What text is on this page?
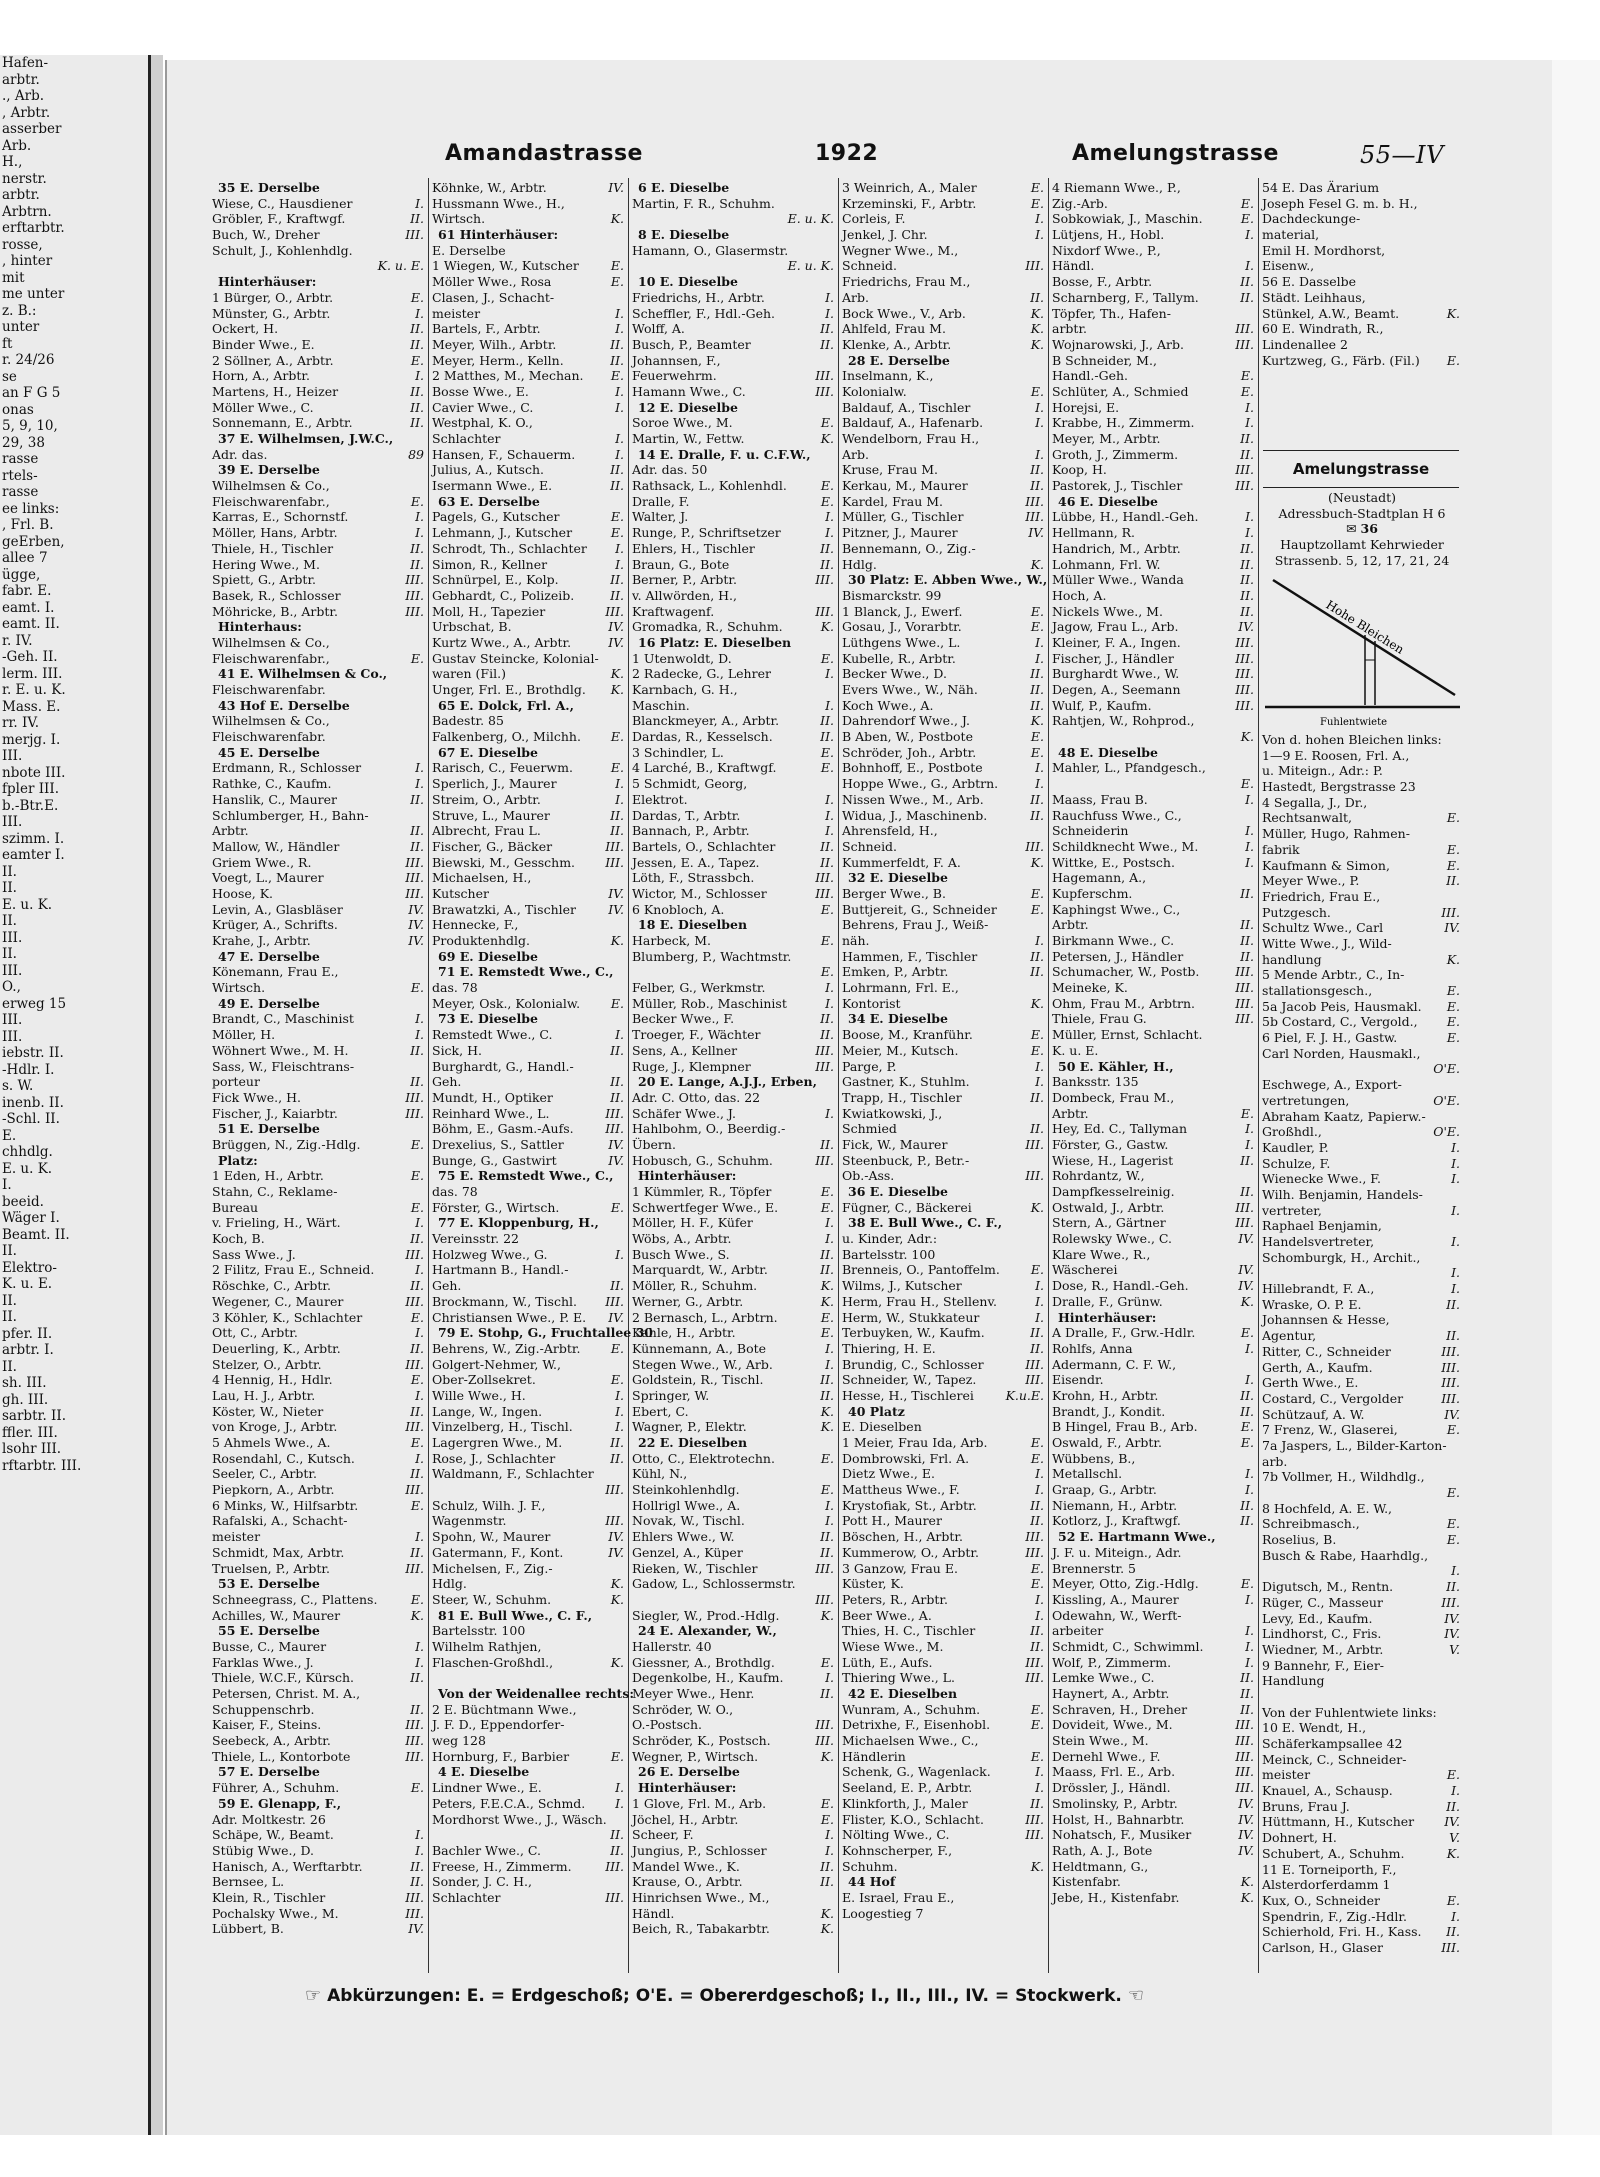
Hafen-
arbtr.
., Arb.
, Arbtr.
asserber
Arb.
H.,
nerstr.
arbtr.
Arbtrn.
erftarbtr.
rosse,
, hinter
mit
me unter
z. B.:
unter
ft
r. 24/26
se
an F G 5
onas
5, 9, 10,
29, 38
rasse
rtels-
rasse
ee links:
, Frl. B.
geErben,
allee 7
ügge,
fabr. E.
eamt. I.
eamt. II.
r. IV.
-Geh. II.
lerm. III.
r. E. u. K.
Mass. E.
rr. IV.
merjg. I.
III.
nbote III.
fpler III.
b.-Btr.E.
III.
szimm. I.
eamter I.
II.
II.
E. u. K.
II.
III.
II.
III.
O.,
erweg 15
III.
III.
iebstr. II.
-Hdlr. I.
s. W.
inenb. II.
-Schl. II.
E.
chhdlg.
E. u. K.
I.
beeid.
Wäger I.
Beamt. II.
II.
Elektro-
K. u. E.
II.
II.
pfer. II.
arbtr. I.
II.
sh. III.
gh. III.
sarbtr. II.
ffler. III.
lsohr III.
rftarbtr. III.
Amandastrasse	1922	Amelungstrasse	55—IV
35 E. Derselbe
Wiese, C., Hausdiener	I.
Gröbler, F., Kraftwgf.	II.
Buch, W., Dreher	III.
Schult, J., Kohlenhdlg.
K. u. E.
Hinterhäuser:
1 Bürger, O., Arbtr.	E.
Münster, G., Arbtr.	I.
Ockert, H.	II.
Binder Wwe., E.	II.
2 Söllner, A., Arbtr.	E.
Horn, A., Arbtr.	I.
Martens, H., Heizer	II.
Möller Wwe., C.	II.
Sonnemann, E., Arbtr.	II.
37 E. Wilhelmsen, J.W.C.,
Adr. das.	89
39 E. Derselbe
Wilhelmsen & Co.,
Fleischwarenfabr.,	E.
Karras, E., Schornstf.	I.
Möller, Hans, Arbtr.	I.
Thiele, H., Tischler	II.
Hering Wwe., M.	II.
Spiett, G., Arbtr.	III.
Basek, R., Schlosser	III.
Möhricke, B., Arbtr.	III.
Hinterhaus:
Wilhelmsen & Co.,
Fleischwarenfabr.,	E.
41 E. Wilhelmsen & Co.,
Fleischwarenfabr.
43 Hof E. Derselbe
Wilhelmsen & Co.,
Fleischwarenfabr.
45 E. Derselbe
Erdmann, R., Schlosser	I.
Rathke, C., Kaufm.	I.
Hanslik, C., Maurer	II.
Schlumberger, H., Bahn-
Arbtr.	II.
Mallow, W., Händler	II.
Griem Wwe., R.	III.
Voegt, L., Maurer	III.
Hoose, K.	III.
Levin, A., Glasbläser	IV.
Krüger, A., Schrifts.	IV.
Krahe, J., Arbtr.	IV.
47 E. Derselbe
Könemann, Frau E.,
Wirtsch.	E.
49 E. Derselbe
Brandt, C., Maschinist	I.
Möller, H.	I.
Wöhnert Wwe., M. H.	II.
Sass, W., Fleischtrans-
porteur	II.
Fick Wwe., H.	III.
Fischer, J., Kaiarbtr.	III.
51 E. Derselbe
Brüggen, N., Zig.-Hdlg.	E.
Platz:
1 Eden, H., Arbtr.	E.
Stahn, C., Reklame-
Bureau	E.
v. Frieling, H., Wärt.	I.
Koch, B.	II.
Sass Wwe., J.	III.
2 Filitz, Frau E., Schneid.	I.
Röschke, C., Arbtr.	II.
Wegener, C., Maurer	III.
3 Köhler, K., Schlachter	E.
Ott, C., Arbtr.	I.
Deuerling, K., Arbtr.	II.
Stelzer, O., Arbtr.	III.
4 Hennig, H., Hdlr.	E.
Lau, H. J., Arbtr.	I.
Köster, W., Nieter	II.
von Kroge, J., Arbtr.	III.
5 Ahmels Wwe., A.	E.
Rosendahl, C., Kutsch.	I.
Seeler, C., Arbtr.	II.
Piepkorn, A., Arbtr.	III.
6 Minks, W., Hilfsarbtr.	E.
Rafalski, A., Schacht-
meister	I.
Schmidt, Max, Arbtr.	II.
Truelsen, P., Arbtr.	III.
53 E. Derselbe
Schneegrass, C., Plattens.	E.
Achilles, W., Maurer	K.
55 E. Derselbe
Busse, C., Maurer	I.
Farklas Wwe., J.	I.
Thiele, W.C.F., Kürsch.	II.
Petersen, Christ. M. A.,
Schuppenschrb.	II.
Kaiser, F., Steins.	III.
Seebeck, A., Arbtr.	III.
Thiele, L., Kontorbote	III.
57 E. Derselbe
Führer, A., Schuhm.	E.
59 E. Glenapp, F.,
Adr. Moltkestr. 26
Schäpe, W., Beamt.	I.
Stübig Wwe., D.	I.
Hanisch, A., Werftarbtr.	II.
Bernsee, L.	II.
Klein, R., Tischler	III.
Pochalsky Wwe., M.	III.
Lübbert, B.	IV.
Köhnke, W., Arbtr.	IV.
Hussmann Wwe., H.,
Wirtsch.	K.
61 Hinterhäuser:
E. Derselbe
1 Wiegen, W., Kutscher	E.
Möller Wwe., Rosa	E.
Clasen, J., Schacht-
meister	I.
Bartels, F., Arbtr.	I.
Meyer, Wilh., Arbtr.	II.
Meyer, Herm., Kelln.	II.
2 Matthes, M., Mechan. E.
Bosse Wwe., E.	I.
Cavier Wwe., C.	I.
Westphal, K. O.,
Schlachter	I.
Hansen, F., Schauerm.	I.
Julius, A., Kutsch.	II.
Isermann Wwe., E.	II.
63 E. Derselbe
Pagels, G., Kutscher	E.
Lehmann, J., Kutscher	E.
Schrodt, Th., Schlachter I.
Simon, R., Kellner	I.
Schnürpel, E., Kolp.	II.
Gebhardt, C., Polizeib.	II.
Moll, H., Tapezier	III.
Urbschat, B.	IV.
Kurtz Wwe., A., Arbtr.	IV.
Gustav Steincke, Kolonial-
waren (Fil.)	K.
Unger, Frl. E., Brothdlg. K.
65 E. Dolck, Frl. A.,
Badestr. 85
Falkenberg, O., Milchh. E.
67 E. Dieselbe
Rarisch, C., Feuerwm.	E.
Sperlich, J., Maurer	I.
Streim, O., Arbtr.	I.
Struve, L., Maurer	II.
Albrecht, Frau L.	II.
Fischer, G., Bäcker	III.
Biewski, M., Gesschm. III.
Michaelsen, H.,
Kutscher	IV.
Brawatzki, A., Tischler	IV.
Hennecke, F.,
Produktenhdlg.	K.
69 E. Dieselbe
71 E. Remstedt Wwe., C.,
das. 78
Meyer, Osk., Kolonialw. E.
73 E. Dieselbe
Remstedt Wwe., C.	I.
Sick, H.	II.
Burghardt, G., Handl.-
Geh.	II.
Mundt, H., Optiker	II.
Reinhard Wwe., L.	III.
Böhm, E., Gasm.-Aufs.	III.
Drexelius, S., Sattler	IV.
Bunge, G., Gastwirt	IV.
75 E. Remstedt Wwe., C.,
das. 78
Förster, G., Wirtsch.	E.
77 E. Kloppenburg, H.,
Vereinsstr. 22
Holzweg Wwe., G.	I.
Hartmann B., Handl.-
Geh.	II.
Brockmann, W., Tischl. III.
Christiansen Wwe., P. E. IV.
79 E. Stohp, G., Fruchtallee 30
Behrens, W., Zig.-Arbtr. E.
Golgert-Nehmer, W.,
Ober-Zollsekret.	E.
Wille Wwe., H.	I.
Lange, W., Ingen.	I.
Vinzelberg, H., Tischl.	I.
Lagergren Wwe., M.	II.
Rose, J., Schlachter	II.
Waldmann, F., Schlachter
III.
Schulz, Wilh. J. F.,
Wagenmstr.	III.
Spohn, W., Maurer	IV.
Gatermann, F., Kont.	IV.
Michelsen, F., Zig.-
Hdlg.	K.
Steer, W., Schuhm.	K.
81 E. Bull Wwe., C. F.,
Bartelsstr. 100
Wilhelm Rathjen,
Flaschen-Großhdl.,	K.
Von der Weidenallee rechts:
2 E. Büchtmann Wwe.,
J. F. D., Eppendorfer-
weg 128
Hornburg, F., Barbier	E.
4 E. Dieselbe
Lindner Wwe., E.	I.
Peters, F.E.C.A., Schmd. I.
Mordhorst Wwe., J., Wäsch.
II.
Bachler Wwe., C.	II.
Freese, H., Zimmerm.	III.
Sonder, J. C. H.,
Schlachter	III.
6 E. Dieselbe
Martin, F. R., Schuhm.
E. u. K.
8 E. Dieselbe
Hamann, O., Glasermstr.
E. u. K.
10 E. Dieselbe
Friedrichs, H., Arbtr.	I.
Scheffler, F., Hdl.-Geh.	I.
Wolff, A.	II.
Busch, P., Beamter	II.
Johannsen, F.,
Feuerwehrm.	III.
Hamann Wwe., C.	III.
12 E. Dieselbe
Soroe Wwe., M.	E.
Martin, W., Fettw.	K.
14 E. Dralle, F. u. C.F.W.,
Adr. das. 50
Rathsack, L., Kohlenhdl.	E.
Dralle, F.	E.
Walter, J.	I.
Runge, P., Schriftsetzer	I.
Ehlers, H., Tischler	II.
Braun, G., Bote	II.
Berner, P., Arbtr.	III.
v. Allwörden, H.,
Kraftwagenf.	III.
Gromadka, R., Schuhm.	K.
16 Platz: E. Dieselben
1 Utenwoldt, D.	E.
2 Radecke, G., Lehrer	I.
Karnbach, G. H.,
Maschin.	I.
Blanckmeyer, A., Arbtr.	II.
Dardas, R., Kesselsch.	II.
3 Schindler, L.	E.
4 Larché, B., Kraftwgf.	E.
5 Schmidt, Georg,
Elektrot.	I.
Dardas, T., Arbtr.	I.
Bannach, P., Arbtr.	I.
Bartels, O., Schlachter	II.
Jessen, E. A., Tapez.	II.
Löth, F., Strassbch.	III.
Wictor, M., Schlosser	III.
6 Knobloch, A.	E.
18 E. Dieselben
Harbeck, M.	E.
Blumberg, P., Wachtmstr.
E.
Felber, G., Werkmstr.	I.
Müller, Rob., Maschinist	I.
Becker Wwe., F.	II.
Troeger, F., Wächter	II.
Sens, A., Kellner	III.
Ruge, J., Klempner	III.
20 E. Lange, A.J.J., Erben,
Adr. C. Otto, das. 22
Schäfer Wwe., J.	I.
Hahlbohm, O., Beerdig.-
Übern.	II.
Hobusch, G., Schuhm.	III.
Hinterhäuser:
1 Kümmler, R., Töpfer	E.
Schwertfeger Wwe., E.	E.
Möller, H. F., Küfer	I.
Wöbs, A., Arbtr.	I.
Busch Wwe., S.	II.
Marquardt, W., Arbtr.	II.
Möller, R., Schuhm.	K.
Werner, G., Arbtr.	K.
2 Bernasch, L., Arbtrn.	E.
Kahle, H., Arbtr.	E.
Künnemann, A., Bote	I.
Stegen Wwe., W., Arb.	I.
Goldstein, R., Tischl.	II.
Springer, W.	II.
Ebert, C.	K.
Wagner, P., Elektr.	K.
22 E. Dieselben
Otto, C., Elektrotechn.	E.
Kühl, N.,
Steinkohlenhdlg.	E.
Hollrigl Wwe., A.	I.
Novak, W., Tischl.	I.
Ehlers Wwe., W.	II.
Genzel, A., Küper	II.
Rieken, W., Tischler	III.
Gadow, L., Schlossermstr.
III.
Siegler, W., Prod.-Hdlg.	K.
24 E. Alexander, W.,
Hallerstr. 40
Giessner, A., Brothdlg.	E.
Degenkolbe, H., Kaufm.	I.
Meyer Wwe., Henr.	II.
Schröder, W. O.,
O.-Postsch.	III.
Schröder, K., Postsch.	III.
Wegner, P., Wirtsch.	K.
26 E. Derselbe
Hinterhäuser:
1 Glove, Frl. M., Arb.	E.
Jöchel, H., Arbtr.	E.
Scheer, F.	I.
Jungius, P., Schlosser	I.
Mandel Wwe., K.	II.
Krause, O., Arbtr.	II.
Hinrichsen Wwe., M.,
Händl.	K.
Beich, R., Tabakarbtr.	K.
3 Weinrich, A., Maler	E.
Krzeminski, F., Arbtr.	E.
Corleis, F.	I.
Jenkel, J. Chr.	I.
Wegner Wwe., M.,
Schneid.	III.
Friedrichs, Frau M.,
Arb.	II.
Bock Wwe., V., Arb.	K.
Ahlfeld, Frau M.	K.
Klenke, A., Arbtr.	K.
28 E. Derselbe
Inselmann, K.,
Kolonialw.	E.
Baldauf, A., Tischler	I.
Baldauf, A., Hafenarb.	I.
Wendelborn, Frau H.,
Arb.	I.
Kruse, Frau M.	II.
Kerkau, M., Maurer	II.
Kardel, Frau M.	III.
Müller, G., Tischler	III.
Pitzner, J., Maurer	IV.
Bennemann, O., Zig.-
Hdlg.	K.
30 Platz: E. Abben Wwe., W.,
Bismarckstr. 99
1 Blanck, J., Ewerf.	E.
Gosau, J., Vorarbtr.	E.
Lüthgens Wwe., L.	I.
Kubelle, R., Arbtr.	I.
Becker Wwe., D.	II.
Evers Wwe., W., Näh.	II.
Koch Wwe., A.	II.
Dahrendorf Wwe., J.	K.
B Aben, W., Postbote	E.
Schröder, Joh., Arbtr.	E.
Bohnhoff, E., Postbote	I.
Hoppe Wwe., G., Arbtrn.	I.
Nissen Wwe., M., Arb.	II.
Widua, J., Maschinenb.	II.
Ahrensfeld, H.,
Schneid.	III.
Kummerfeldt, F. A.	K.
32 E. Dieselbe
Berger Wwe., B.	E.
Buttjereit, G., Schneider	E.
Behrens, Frau J., Weiß-
näh.	I.
Hammen, F., Tischler	II.
Emken, P., Arbtr.	II.
Lohrmann, Frl. E.,
Kontorist	K.
34 E. Dieselbe
Boose, M., Kranführ.	E.
Meier, M., Kutsch.	E.
Parge, P.	I.
Gastner, K., Stuhlm.	I.
Trapp, H., Tischler	II.
Kwiatkowski, J.,
Schmied	II.
Fick, W., Maurer	III.
Steenbuck, P., Betr.-
Ob.-Ass.	III.
36 E. Dieselbe
Fügner, C., Bäckerei	K.
38 E. Bull Wwe., C. F.,
u. Kinder, Adr.:
Bartelsstr. 100
Brenneis, O., Pantoffelm. E.
Wilms, J., Kutscher	I.
Herm, Frau H., Stellenv.	I.
Herm, W., Stukkateur	I.
Terbuyken, W., Kaufm.	II.
Thiering, H. E.	II.
Brundig, C., Schlosser	III.
Schneider, W., Tapez.	III.
Hesse, H., Tischlerei	K.u.E.
40 Platz
E. Dieselben
1 Meier, Frau Ida, Arb.	E.
Dombrowski, Frl. A.	E.
Dietz Wwe., E.	I.
Mattheus Wwe., F.	I.
Krystofiak, St., Arbtr.	II.
Pott H., Maurer	II.
Böschen, H., Arbtr.	III.
Kummerow, O., Arbtr.	III.
3 Ganzow, Frau E.	E.
Küster, K.	E.
Peters, R., Arbtr.	I.
Beer Wwe., A.	I.
Thies, H. C., Tischler	II.
Wiese Wwe., M.	II.
Lüth, E., Aufs.	III.
Thiering Wwe., L.	III.
42 E. Dieselben
Wunram, A., Schuhm.	E.
Detrixhe, F., Eisenhobl.	E.
Michaelsen Wwe., C.,
Händlerin	E.
Schenk, G., Wagenlack.	I.
Seeland, E. P., Arbtr.	I.
Klinkforth, J., Maler	II.
Flister, K.O., Schlacht.	III.
Nölting Wwe., C.	III.
Kohnscherper, F.,
Schuhm.	K.
44 Hof
E. Israel, Frau E.,
Loogestieg 7
4 Riemann Wwe., P.,
Zig.-Arb.	E.
Sobkowiak, J., Maschin.	E.
Lütjens, H., Hobl.	I.
Nixdorf Wwe., P.,
Händl.	I.
Bosse, F., Arbtr.	II.
Scharnberg, F., Tallym.	II.
Töpfer, Th., Hafen-
arbtr.	III.
Wojnarowski, J., Arb.	III.
B Schneider, M.,
Handl.-Geh.	E.
Schlüter, A., Schmied	E.
Horejsi, E.	I.
Krabbe, H., Zimmerm.	I.
Meyer, M., Arbtr.	II.
Groth, J., Zimmerm.	II.
Koop, H.	III.
Pastorek, J., Tischler	III.
46 E. Dieselbe
Lübbe, H., Handl.-Geh.	I.
Hellmann, R.	I.
Handrich, M., Arbtr.	II.
Lohmann, Frl. W.	II.
Müller Wwe., Wanda	II.
Hoch, A.	II.
Nickels Wwe., M.	II.
Jagow, Frau L., Arb.	IV.
Kleiner, F. A., Ingen.	III.
Fischer, J., Händler	III.
Burghardt Wwe., W.	III.
Degen, A., Seemann	III.
Wulf, P., Kaufm.	III.
Rahtjen, W., Rohprod.,
K.
48 E. Dieselbe
Mahler, L., Pfandgesch.,
E.
Maass, Frau B.	I.
Rauchfuss Wwe., C.,
Schneiderin	I.
Schildknecht Wwe., M.	I.
Wittke, E., Postsch.	I.
Hagemann, A.,
Kupferschm.	II.
Kaphingst Wwe., C.,
Arbtr.	II.
Birkmann Wwe., C.	II.
Petersen, J., Händler	II.
Schumacher, W., Postb.	III.
Meineke, K.	III.
Ohm, Frau M., Arbtrn.	III.
Thiele, Frau G.	III.
Müller, Ernst, Schlacht.
K. u. E.
50 E. Kähler, H.,
Banksstr. 135
Dombeck, Frau M.,
Arbtr.	E.
Hey, Ed. C., Tallyman	I.
Förster, G., Gastw.	I.
Wiese, H., Lagerist	II.
Rohrdantz, W.,
Dampfkesselreinig.	II.
Ostwald, J., Arbtr.	III.
Stern, A., Gärtner	III.
Rolewsky Wwe., C.	IV.
Klare Wwe., R.,
Wäscherei	IV.
Dose, R., Handl.-Geh.	IV.
Dralle, F., Grünw.	K.
Hinterhäuser:
A Dralle, F., Grw.-Hdlr.	E.
Rohlfs, Anna	I.
Adermann, C. F. W.,
Eisendr.	I.
Krohn, H., Arbtr.	II.
Brandt, J., Kondit.	II.
B Hingel, Frau B., Arb.	E.
Oswald, F., Arbtr.	E.
Wübbens, B.,
Metallschl.	I.
Graap, G., Arbtr.	I.
Niemann, H., Arbtr.	II.
Kotlorz, J., Kraftwgf.	II.
52 E. Hartmann Wwe.,
J. F. u. Miteign., Adr.
Brennerstr. 5
Meyer, Otto, Zig.-Hdlg.	E.
Kissling, A., Maurer	I.
Odewahn, W., Werft-
arbeiter	I.
Schmidt, C., Schwimml.	I.
Wolf, P., Zimmerm.	I.
Lemke Wwe., C.	II.
Haynert, A., Arbtr.	II.
Schraven, H., Dreher	II.
Dovideit, Wwe., M.	III.
Stein Wwe., M.	III.
Dernehl Wwe., F.	III.
Maass, Frl. E., Arb.	III.
Drössler, J., Händl.	III.
Smolinsky, P., Arbtr.	IV.
Holst, H., Bahnarbtr.	IV.
Nohatsch, F., Musiker	IV.
Rath, A. J., Bote	IV.
Heldtmann, G.,
Kistenfabr.	K.
Jebe, H., Kistenfabr.	K.
54 E. Das Ärarium
Joseph Fesel G. m. b. H.,
Dachdeckunge-
material,
Emil H. Mordhorst,
Eisenw.,
56 E. Dasselbe
Städt. Leihhaus,
Stünkel, A.W., Beamt.	K.
60 E. Windrath, R.,
Lindenallee 2
Kurtzweg, G., Färb. (Fil.) E.
Amelungstrasse
(Neustadt)
Adressbuch-Stadtplan H 6
✉ 36
Hauptzollamt Kehrwieder
Strassenb. 5, 12, 17, 21, 24
Hohe Bleichen
Fuhlentwiete
Von d. hohen Bleichen links:
1—9 E. Roosen, Frl. A.,
u. Miteign., Adr.: P.
Hastedt, Bergstrasse 23
4 Segalla, J., Dr.,
Rechtsanwalt,	E.
Müller, Hugo, Rahmen-
fabrik	E.
Kaufmann & Simon,	E.
Meyer Wwe., P.	II.
Friedrich, Frau E.,
Putzgesch.	III.
Schultz Wwe., Carl	IV.
Witte Wwe., J., Wild-
handlung	K.
5 Mende Arbtr., C., In-
stallationsgesch.,	E.
5a Jacob Peis, Hausmakl. E.
5b Costard, C., Vergold., E.
6 Piel, F. J. H., Gastw.	E.
Carl Norden, Hausmakl.,
O'E.
Eschwege, A., Export-
vertretungen,	O'E.
Abraham Kaatz, Papierw.-
Großhdl.,	O'E.
Kaudler, P.	I.
Schulze, F.	I.
Wienecke Wwe., F.	I.
Wilh. Benjamin, Handels-
vertreter,	I.
Raphael Benjamin,
Handelsvertreter,	I.
Schomburgk, H., Archit.,
I.
Hillebrandt, F. A.,	I.
Wraske, O. P. E.	II.
Johannsen & Hesse,
Agentur,	II.
Ritter, C., Schneider	III.
Gerth, A., Kaufm.	III.
Gerth Wwe., E.	III.
Costard, C., Vergolder	III.
Schützauf, A. W.	IV.
7 Frenz, W., Glaserei,	E.
7a Jaspers, L., Bilder-Karton-
arb.
7b Vollmer, H., Wildhdlg.,
E.
8 Hochfeld, A. E. W.,
Schreibmasch.,	E.
Roselius, B.	E.
Busch & Rabe, Haarhdlg.,
I.
Digutsch, M., Rentn.	II.
Rüger, C., Masseur	III.
Levy, Ed., Kaufm.	IV.
Lindhorst, C., Fris.	IV.
Wiedner, M., Arbtr.	V.
9 Bannehr, F., Eier-
Handlung
Von der Fuhlentwiete links:
10 E. Wendt, H.,
Schäferkampsallee 42
Meinck, C., Schneider-
meister	E.
Knauel, A., Schausp.	I.
Bruns, Frau J.	II.
Hüttmann, H., Kutscher IV.
Dohnert, H.	V.
Schubert, A., Schuhm.	K.
11 E. Torneiporth, F.,
Alsterdorferdamm 1
Kux, O., Schneider	E.
Spendrin, F., Zig.-Hdlr.	I.
Schierhold, Fri. H., Kass. II.
Carlson, H., Glaser	III.
☞ Abkürzungen: E. = Erdgeschoß; O'E. = Obererdgeschoß; I., II., III., IV. = Stockwerk. ☜
